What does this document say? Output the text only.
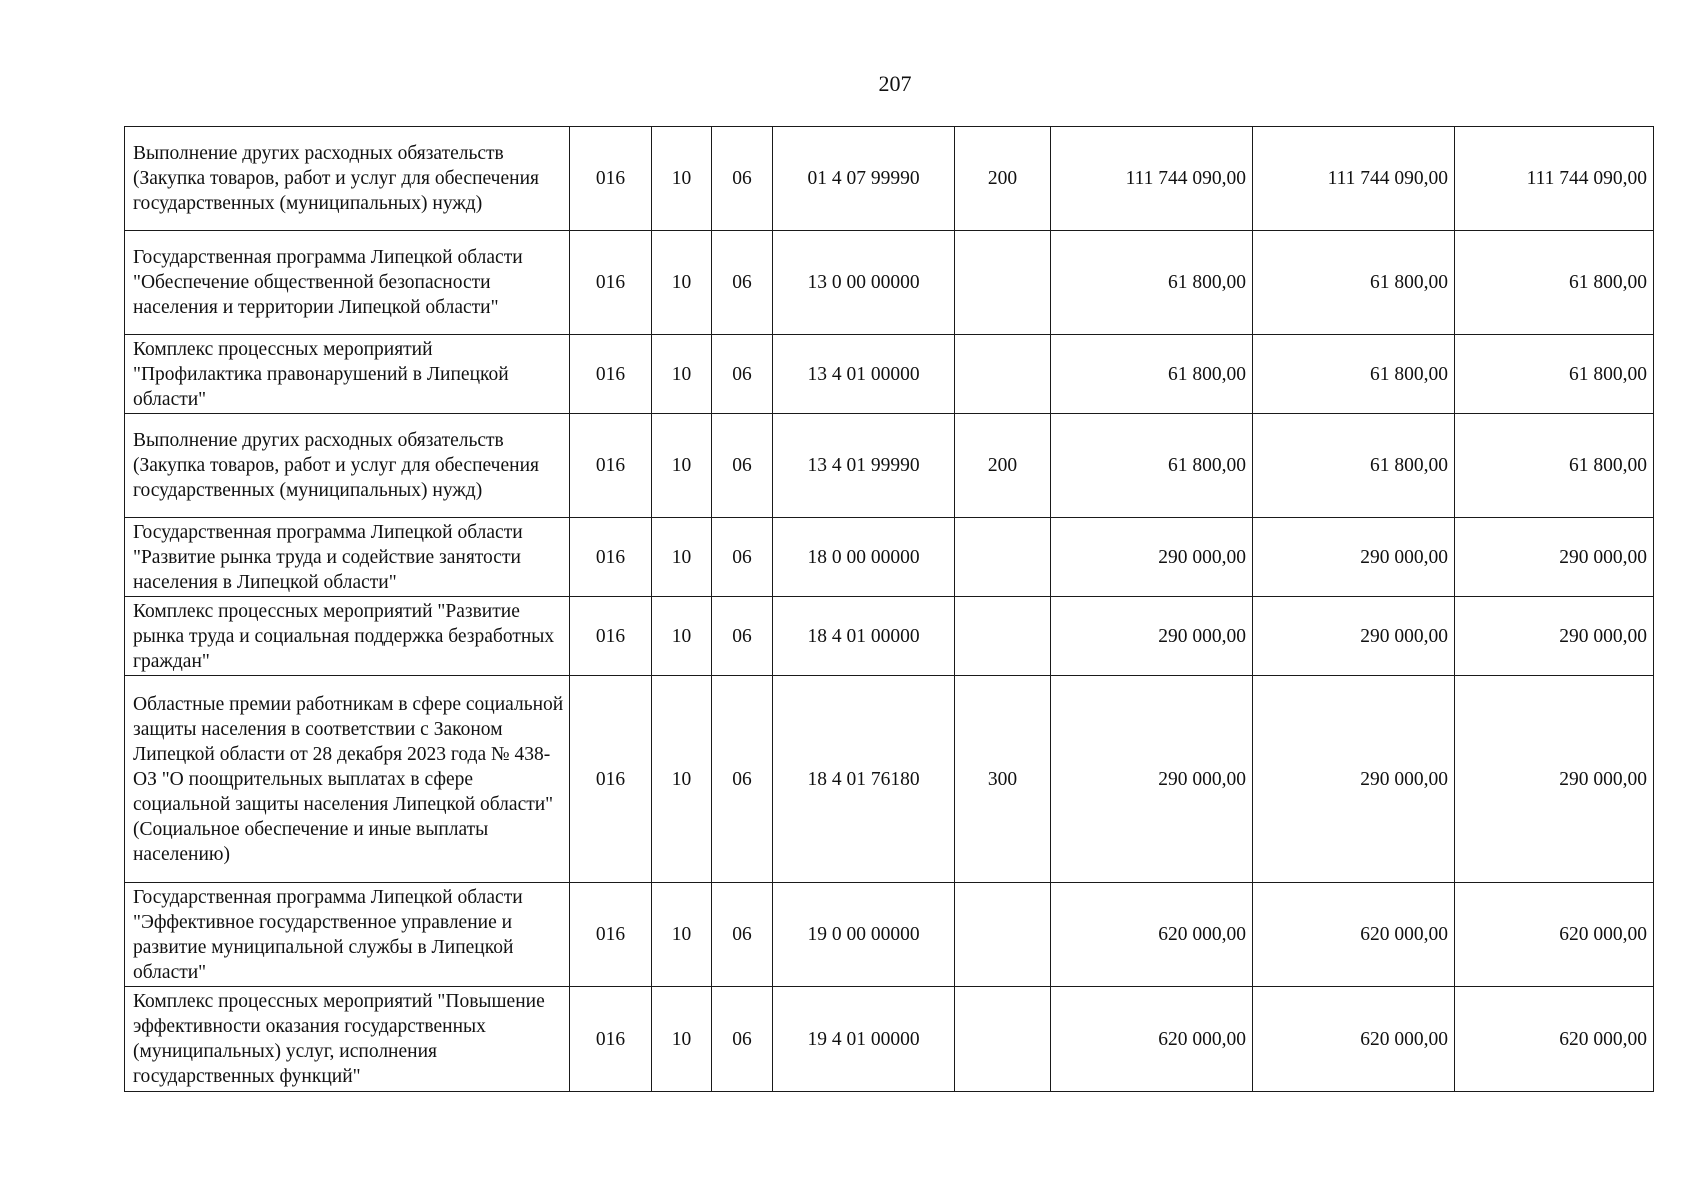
207
Выполнение других расходных обязательств (Закупка товаров, работ и услуг для обеспечения государственных (муниципальных) нужд)	016	10	06	01 4 07 99990	200	111 744 090,00	111 744 090,00	111 744 090,00
Государственная программа Липецкой области "Обеспечение общественной безопасности населения и территории Липецкой области"	016	10	06	13 0 00 00000		61 800,00	61 800,00	61 800,00
Комплекс процессных мероприятий "Профилактика правонарушений в Липецкой области"	016	10	06	13 4 01 00000		61 800,00	61 800,00	61 800,00
Выполнение других расходных обязательств (Закупка товаров, работ и услуг для обеспечения государственных (муниципальных) нужд)	016	10	06	13 4 01 99990	200	61 800,00	61 800,00	61 800,00
Государственная программа Липецкой области "Развитие рынка труда и содействие занятости населения в Липецкой области"	016	10	06	18 0 00 00000		290 000,00	290 000,00	290 000,00
Комплекс процессных мероприятий "Развитие рынка труда и социальная поддержка безработных граждан"	016	10	06	18 4 01 00000		290 000,00	290 000,00	290 000,00
Областные премии работникам в сфере социальной защиты населения в соответствии с Законом Липецкой области от 28 декабря 2023 года № 438-ОЗ "О поощрительных выплатах в сфере социальной защиты населения Липецкой области" (Социальное обеспечение и иные выплаты населению)	016	10	06	18 4 01 76180	300	290 000,00	290 000,00	290 000,00
Государственная программа Липецкой области "Эффективное государственное управление и развитие муниципальной службы в Липецкой области"	016	10	06	19 0 00 00000		620 000,00	620 000,00	620 000,00
Комплекс процессных мероприятий "Повышение эффективности оказания государственных (муниципальных) услуг, исполнения государственных функций"	016	10	06	19 4 01 00000		620 000,00	620 000,00	620 000,00
